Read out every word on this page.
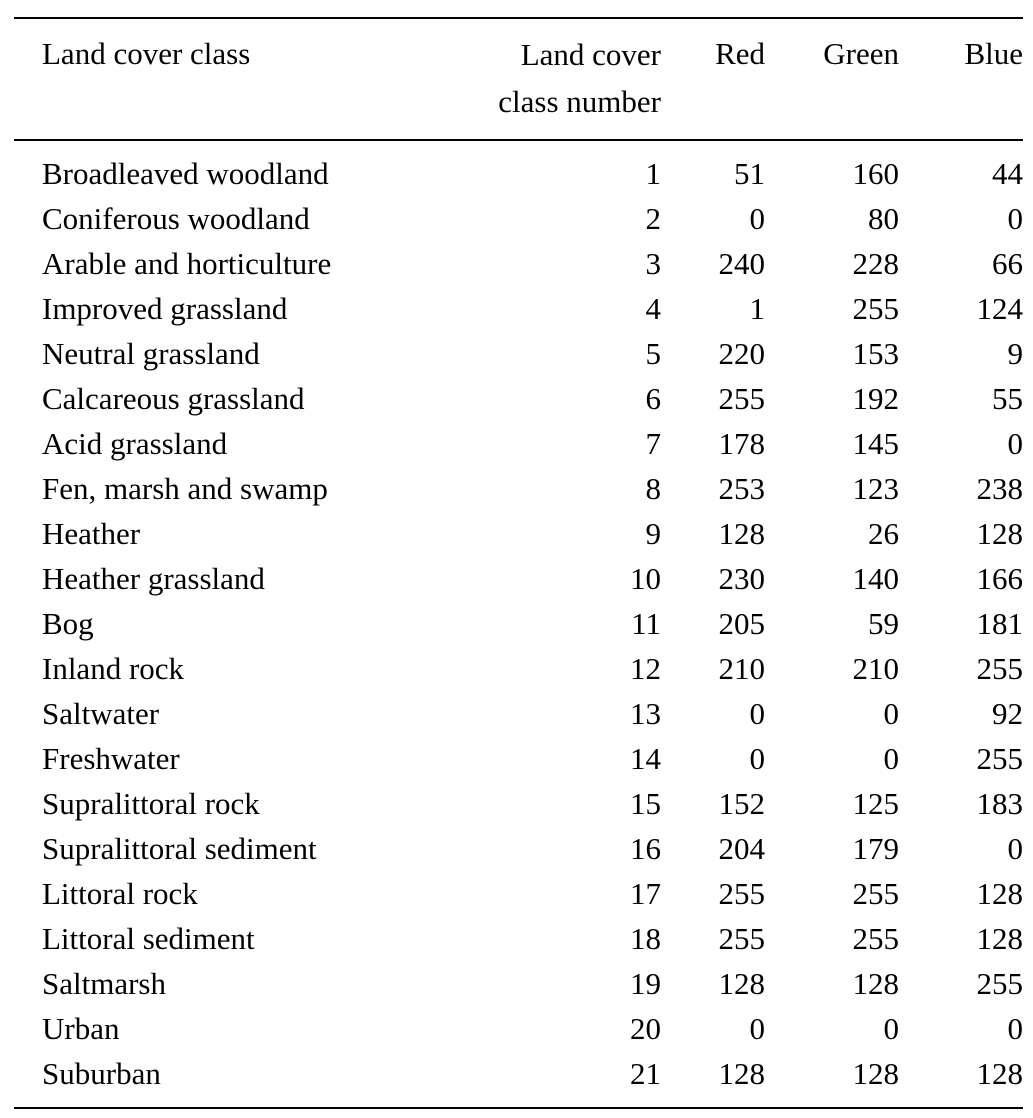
Land cover class	Land cover
class number	Red	Green	Blue
Broadleaved woodland	1	51	160	44
Coniferous woodland	2	0	80	0
Arable and horticulture	3	240	228	66
Improved grassland	4	1	255	124
Neutral grassland	5	220	153	9
Calcareous grassland	6	255	192	55
Acid grassland	7	178	145	0
Fen, marsh and swamp	8	253	123	238
Heather	9	128	26	128
Heather grassland	10	230	140	166
Bog	11	205	59	181
Inland rock	12	210	210	255
Saltwater	13	0	0	92
Freshwater	14	0	0	255
Supralittoral rock	15	152	125	183
Supralittoral sediment	16	204	179	0
Littoral rock	17	255	255	128
Littoral sediment	18	255	255	128
Saltmarsh	19	128	128	255
Urban	20	0	0	0
Suburban	21	128	128	128
